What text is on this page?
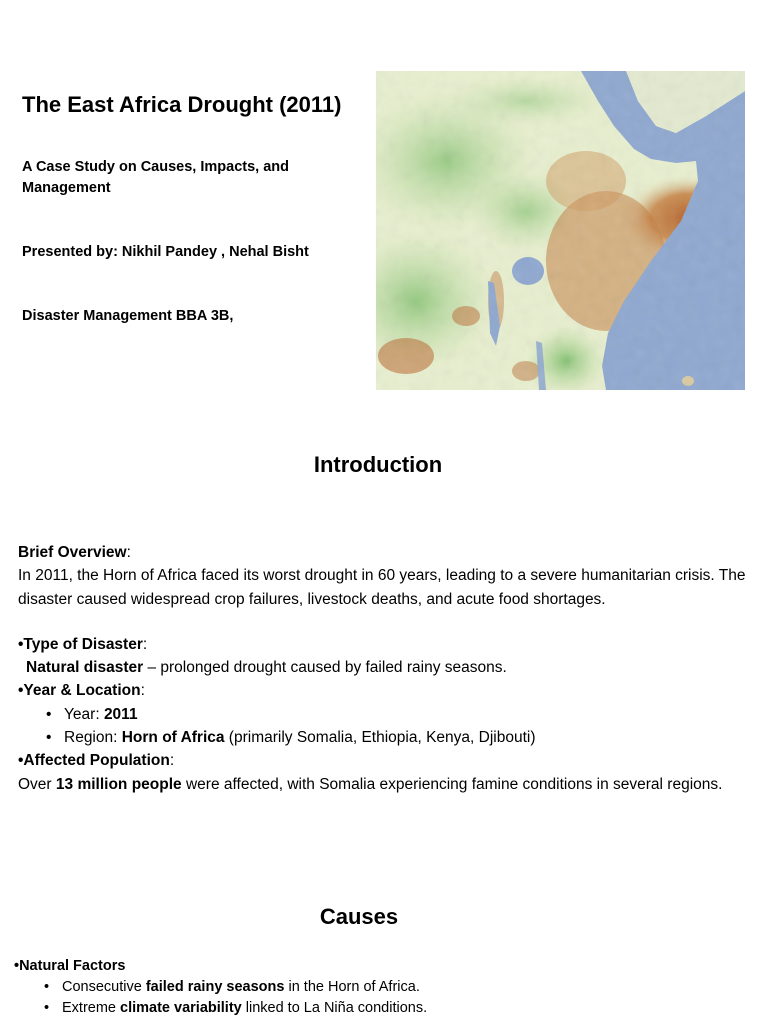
The East Africa Drought (2011)
A Case Study on Causes, Impacts, and Management
Presented by: Nikhil Pandey , Nehal Bisht
Disaster Management BBA 3B,
Introduction

Brief Overview:

In 2011, the Horn of Africa faced its worst drought in 60 years, leading to a severe humanitarian crisis. The disaster caused widespread crop failures, livestock deaths, and acute food shortages.

•Type of Disaster:

Natural disaster – prolonged drought caused by failed rainy seasons.

•Year & Location:

• Year: 2011
• Region: Horn of Africa (primarily Somalia, Ethiopia, Kenya, Djibouti)

•Affected Population:

Over 13 million people were affected, with Somalia experiencing famine conditions in several regions.

Causes

•Natural Factors

• Consecutive failed rainy seasons in the Horn of Africa.
• Extreme climate variability linked to La Niña conditions.
